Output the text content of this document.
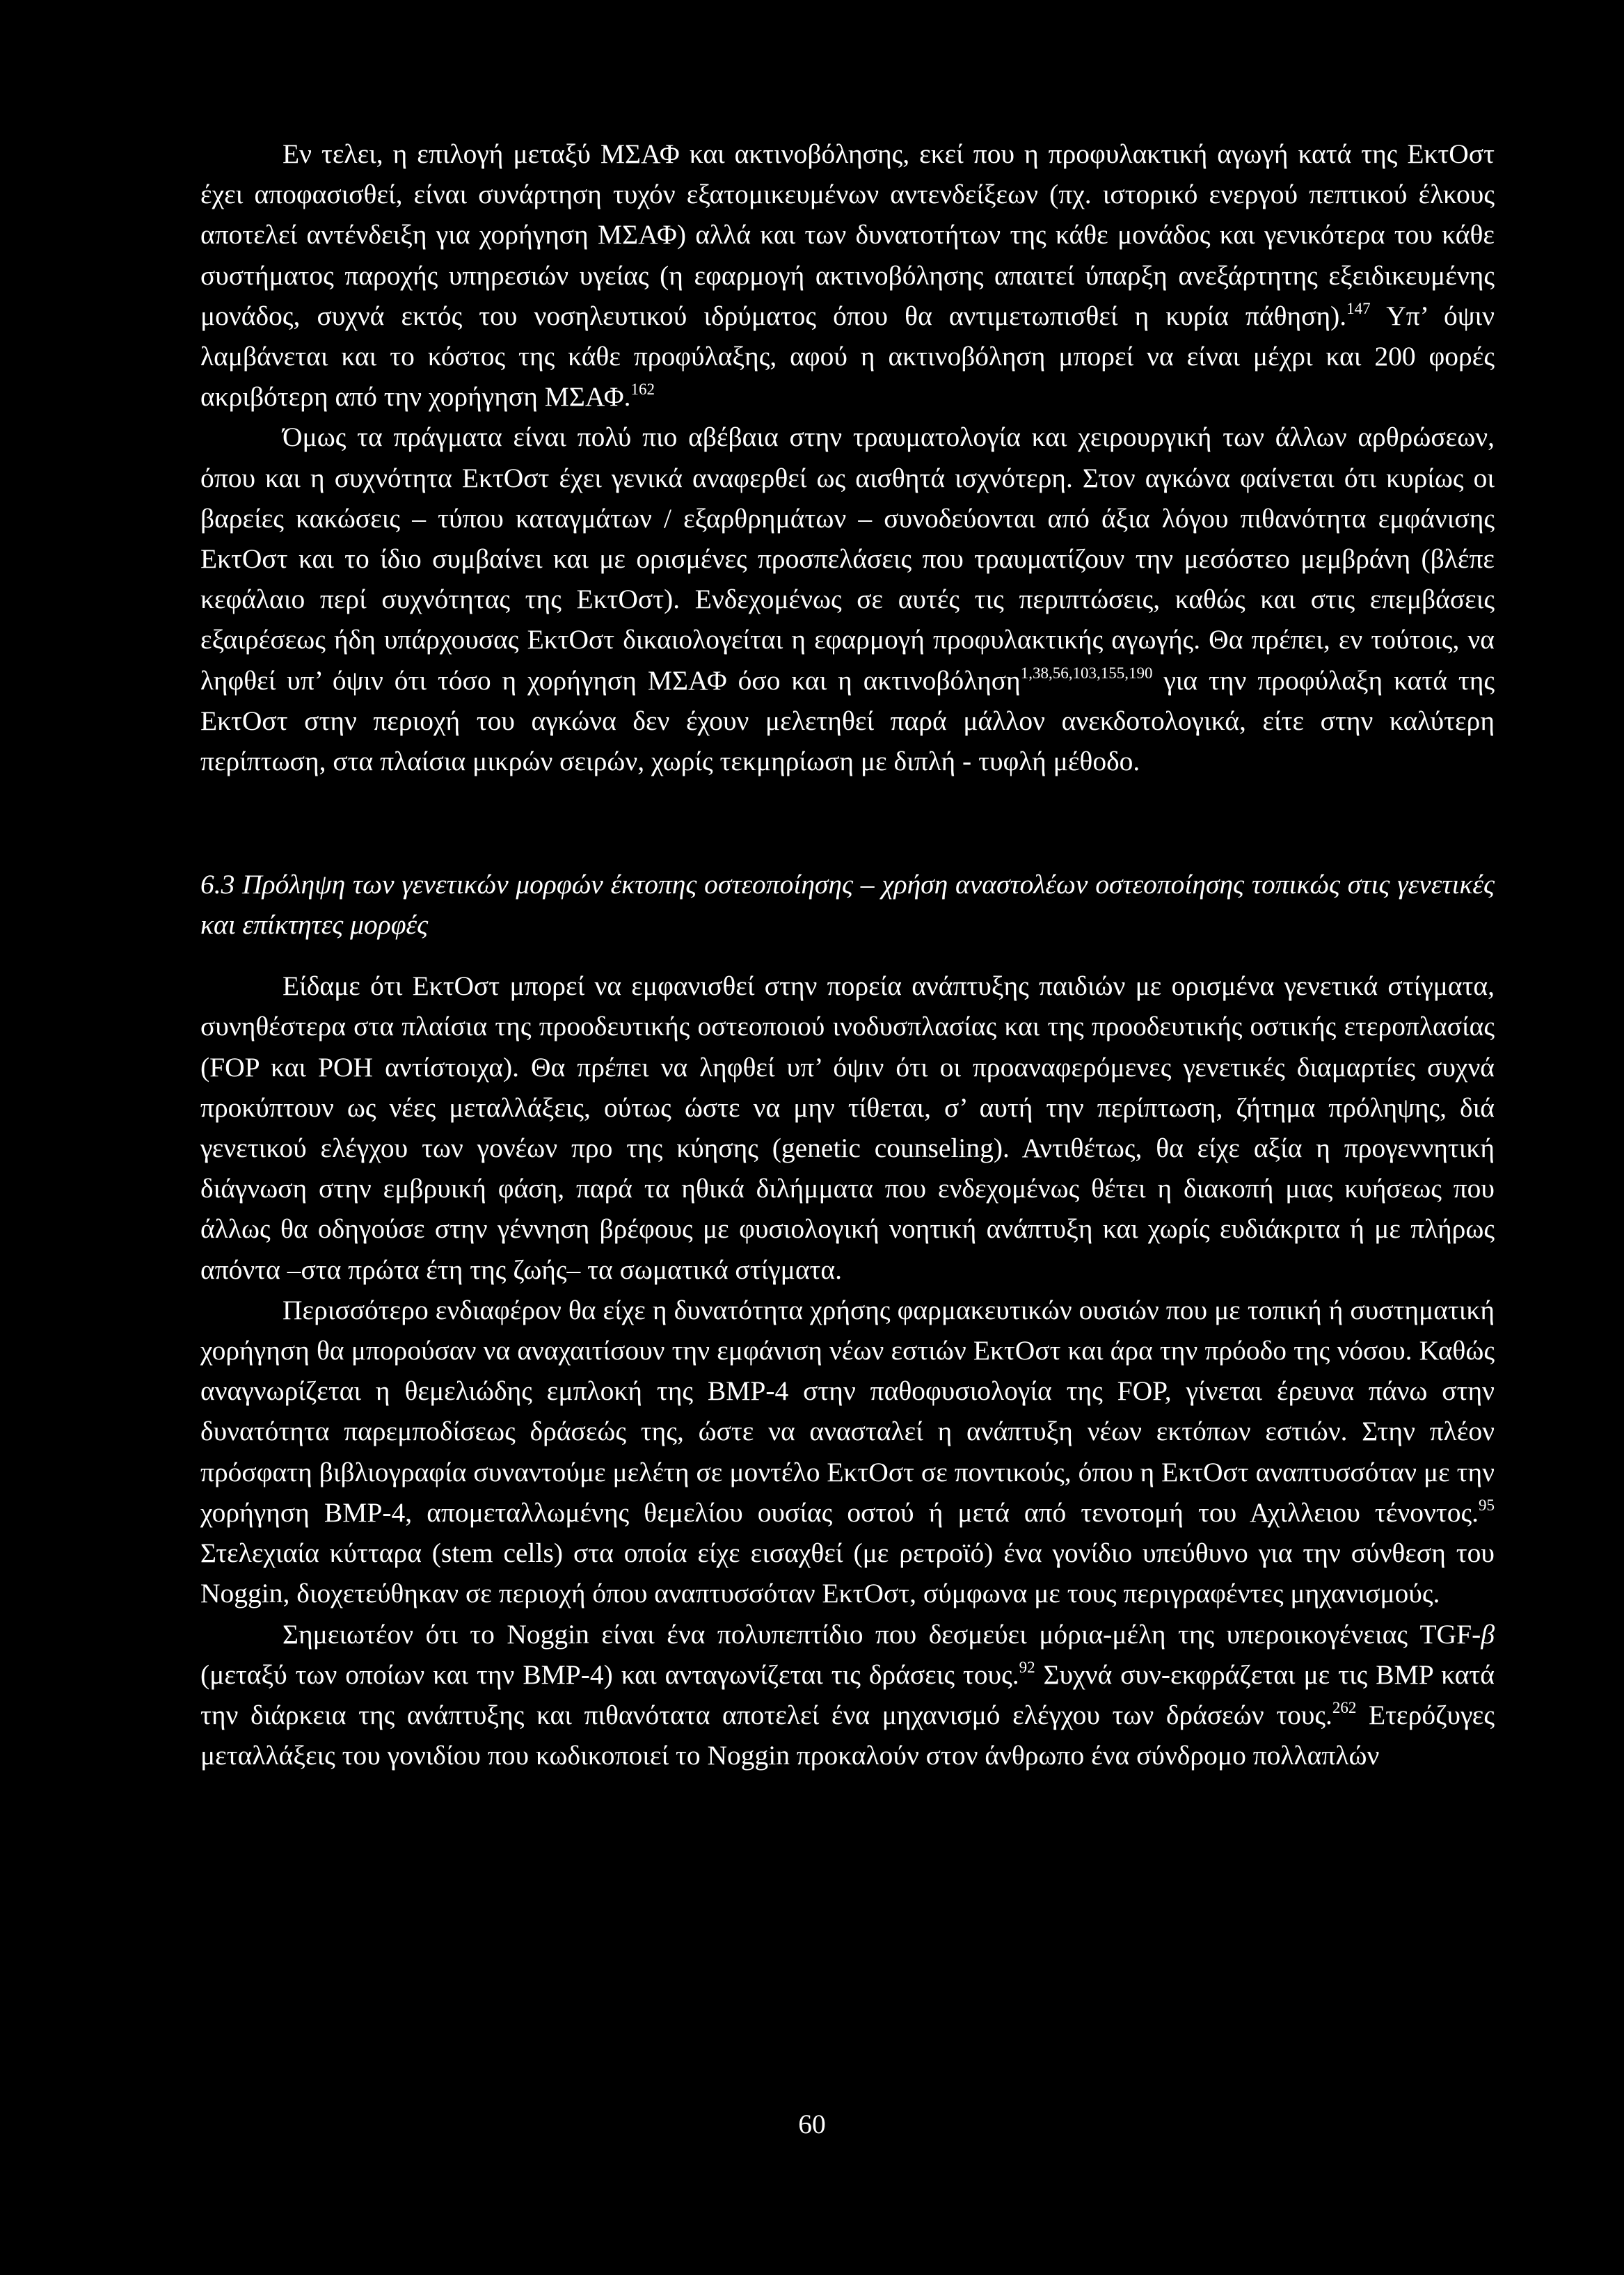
Εν τελει, η επιλογή μεταξύ ΜΣΑΦ και ακτινοβόλησης, εκεί που η προφυλακτική αγωγή κατά της ΕκτΟστ έχει αποφασισθεί, είναι συνάρτηση τυχόν εξατομικευμένων αντενδείξεων (πχ. ιστορικό ενεργού πεπτικού έλκους αποτελεί αντένδειξη για χορήγηση ΜΣΑΦ) αλλά και των δυνατοτήτων της κάθε μονάδος και γενικότερα του κάθε συστήματος παροχής υπηρεσιών υγείας (η εφαρμογή ακτινοβόλησης απαιτεί ύπαρξη ανεξάρτητης εξειδικευμένης μονάδος, συχνά εκτός του νοσηλευτικού ιδρύματος όπου θα αντιμετωπισθεί η κυρία πάθηση).$^{147}$ Υπ’ όψιν λαμβάνεται και το κόστος της κάθε προφύλαξης, αφού η ακτινοβόληση μπορεί να είναι μέχρι και 200 φορές ακριβότερη από την χορήγηση ΜΣΑΦ.$^{162}$

Όμως τα πράγματα είναι πολύ πιο αβέβαια στην τραυματολογία και χειρουργική των άλλων αρθρώσεων, όπου και η συχνότητα ΕκτΟστ έχει γενικά αναφερθεί ως αισθητά ισχνότερη. Στον αγκώνα φαίνεται ότι κυρίως οι βαρείες κακώσεις – τύπου καταγμάτων / εξαρθρημάτων – συνοδεύονται από άξια λόγου πιθανότητα εμφάνισης ΕκτΟστ και το ίδιο συμβαίνει και με ορισμένες προσπελάσεις που τραυματίζουν την μεσόστεο μεμβράνη (βλέπε κεφάλαιο περί συχνότητας της ΕκτΟστ). Ενδεχομένως σε αυτές τις περιπτώσεις, καθώς και στις επεμβάσεις εξαιρέσεως ήδη υπάρχουσας ΕκτΟστ δικαιολογείται η εφαρμογή προφυλακτικής αγωγής. Θα πρέπει, εν τούτοις, να ληφθεί υπ’ όψιν ότι τόσο η χορήγηση ΜΣΑΦ όσο και η ακτινοβόληση$^{1,38,56,103,155,190}$ για την προφύλαξη κατά της ΕκτΟστ στην περιοχή του αγκώνα δεν έχουν μελετηθεί παρά μάλλον ανεκδοτολογικά, είτε στην καλύτερη περίπτωση, στα πλαίσια μικρών σειρών, χωρίς τεκμηρίωση με διπλή - τυφλή μέθοδο.

6.3 Πρόληψη των γενετικών μορφών έκτοπης οστεοποίησης – χρήση αναστολέων οστεοποίησης τοπικώς στις γενετικές και επίκτητες μορφές

Είδαμε ότι ΕκτΟστ μπορεί να εμφανισθεί στην πορεία ανάπτυξης παιδιών με ορισμένα γενετικά στίγματα, συνηθέστερα στα πλαίσια της προοδευτικής οστεοποιού ινοδυσπλασίας και της προοδευτικής οστικής ετεροπλασίας (FOP και POH αντίστοιχα). Θα πρέπει να ληφθεί υπ’ όψιν ότι οι προαναφερόμενες γενετικές διαμαρτίες συχνά προκύπτουν ως νέες μεταλλάξεις, ούτως ώστε να μην τίθεται, σ’ αυτή την περίπτωση, ζήτημα πρόληψης, διά γενετικού ελέγχου των γονέων προ της κύησης (genetic counseling). Αντιθέτως, θα είχε αξία η προγεννητική διάγνωση στην εμβρυική φάση, παρά τα ηθικά διλήμματα που ενδεχομένως θέτει η διακοπή μιας κυήσεως που άλλως θα οδηγούσε στην γέννηση βρέφους με φυσιολογική νοητική ανάπτυξη και χωρίς ευδιάκριτα ή με πλήρως απόντα –στα πρώτα έτη της ζωής– τα σωματικά στίγματα.

Περισσότερο ενδιαφέρον θα είχε η δυνατότητα χρήσης φαρμακευτικών ουσιών που με τοπική ή συστηματική χορήγηση θα μπορούσαν να αναχαιτίσουν την εμφάνιση νέων εστιών ΕκτΟστ και άρα την πρόοδο της νόσου. Καθώς αναγνωρίζεται η θεμελιώδης εμπλοκή της BMP-4 στην παθοφυσιολογία της FOP, γίνεται έρευνα πάνω στην δυνατότητα παρεμποδίσεως δράσεώς της, ώστε να ανασταλεί η ανάπτυξη νέων εκτόπων εστιών. Στην πλέον πρόσφατη βιβλιογραφία συναντούμε μελέτη σε μοντέλο ΕκτΟστ σε ποντικούς, όπου η ΕκτΟστ αναπτυσσόταν με την χορήγηση BMP-4, απομεταλλωμένης θεμελίου ουσίας οστού ή μετά από τενοτομή του Αχιλλειου τένοντος.$^{95}$ Στελεχιαία κύτταρα (stem cells) στα οποία είχε εισαχθεί (με ρετροϊό) ένα γονίδιο υπεύθυνο για την σύνθεση του Noggin, διοχετεύθηκαν σε περιοχή όπου αναπτυσσόταν ΕκτΟστ, σύμφωνα με τους περιγραφέντες μηχανισμούς.

Σημειωτέον ότι το Noggin είναι ένα πολυπεπτίδιο που δεσμεύει μόρια-μέλη της υπεροικογένειας TGF-β (μεταξύ των οποίων και την BMP-4) και ανταγωνίζεται τις δράσεις τους.$^{92}$ Συχνά συν-εκφράζεται με τις BMP κατά την διάρκεια της ανάπτυξης και πιθανότατα αποτελεί ένα μηχανισμό ελέγχου των δράσεών τους.$^{262}$ Ετερόζυγες μεταλλάξεις του γονιδίου που κωδικοποιεί το Noggin προκαλούν στον άνθρωπο ένα σύνδρομο πολλαπλών

60
